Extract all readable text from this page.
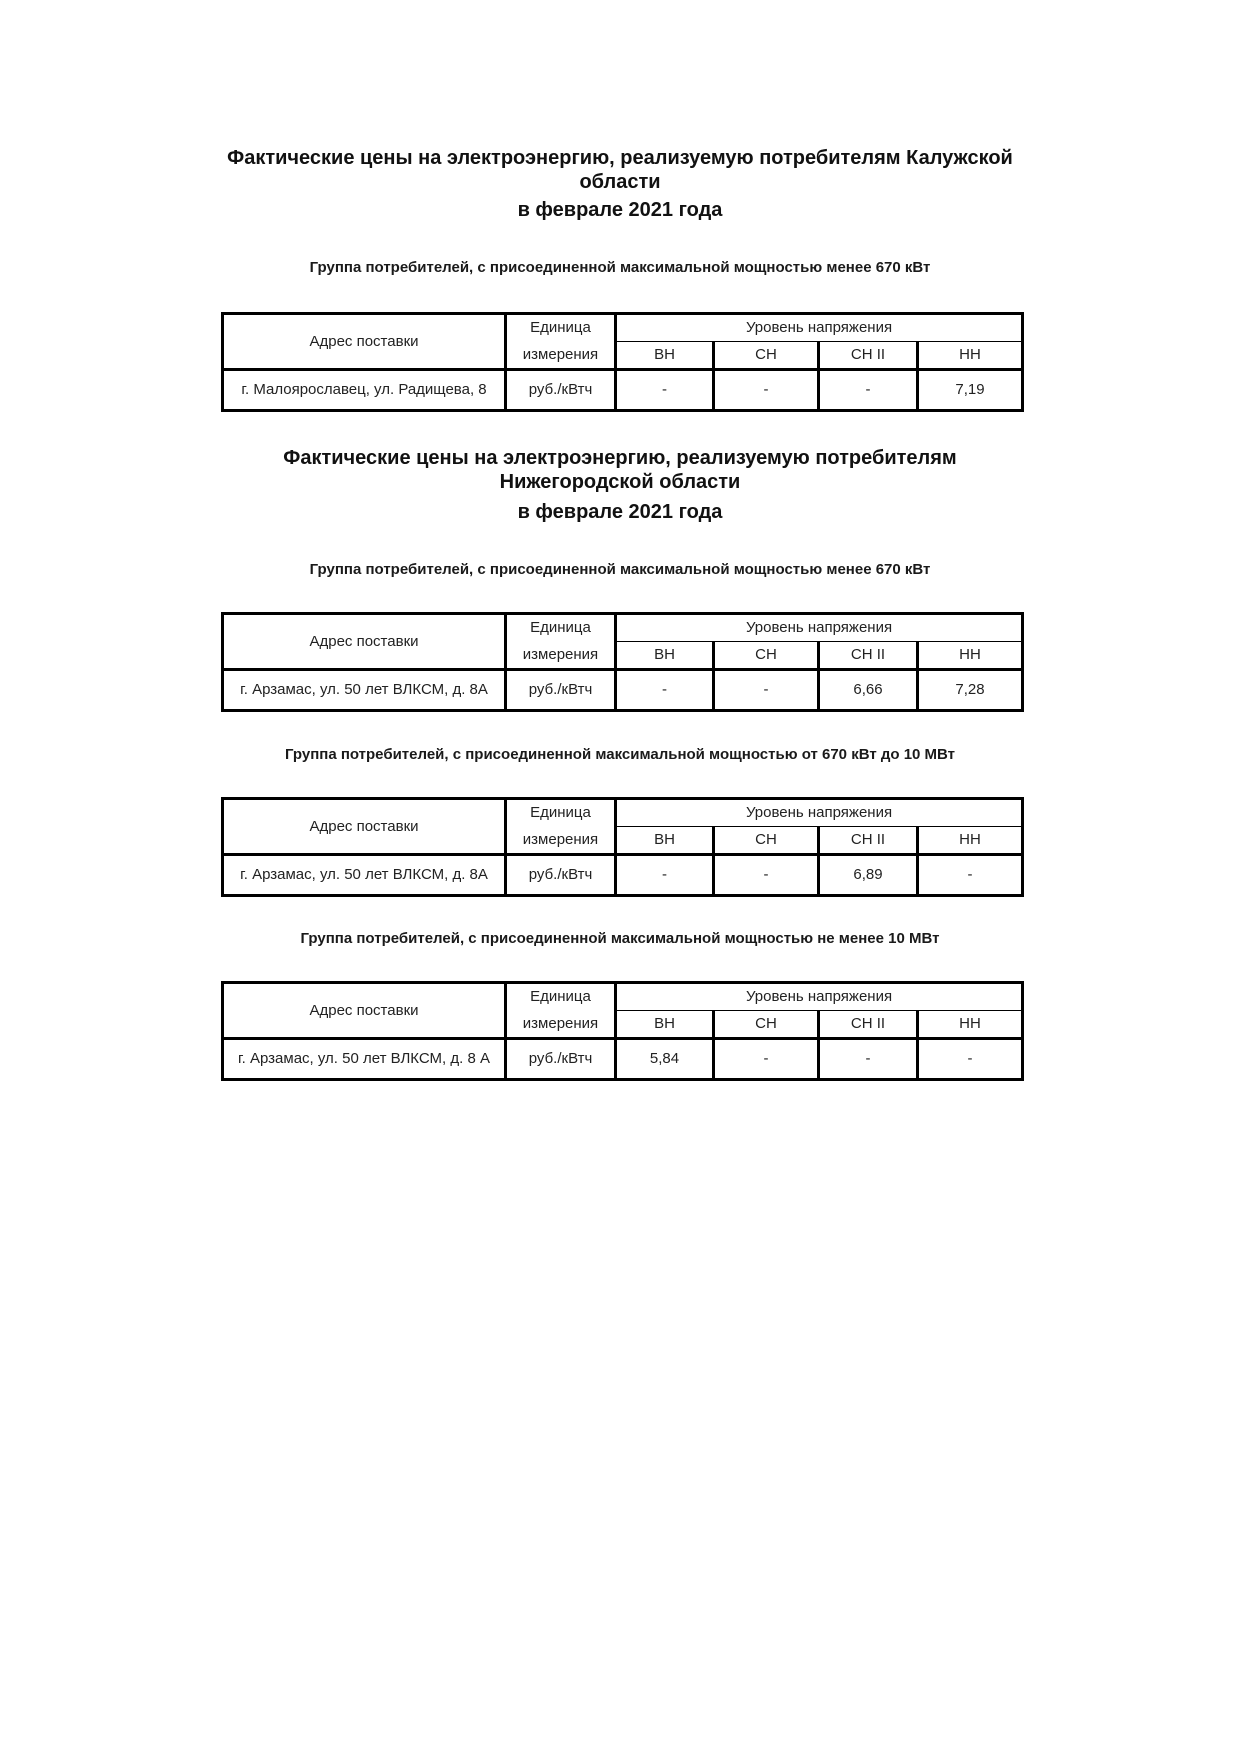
Фактические цены на электроэнергию, реализуемую потребителям Калужской
области
в феврале 2021 года
Группа потребителей, с присоединенной максимальной мощностью менее 670 кВт
Адрес поставки	Единица	Уровень напряжения			
	измерения	ВН	СН	СН II	НН
г. Малоярославец, ул. Радищева, 8	руб./кВтч	-	-	-	7,19
Фактические цены на электроэнергию, реализуемую потребителям
Нижегородской области
в феврале 2021 года
Группа потребителей, с присоединенной максимальной мощностью менее 670 кВт
Адрес поставки	Единица	Уровень напряжения			
	измерения	ВН	СН	СН II	НН
г. Арзамас, ул. 50 лет ВЛКСМ, д. 8А	руб./кВтч	-	-	6,66	7,28
Группа потребителей, с присоединенной максимальной мощностью от 670 кВт до 10 МВт
Адрес поставки	Единица	Уровень напряжения			
	измерения	ВН	СН	СН II	НН
г. Арзамас, ул. 50 лет ВЛКСМ, д. 8А	руб./кВтч	-	-	6,89	-
Группа потребителей, с присоединенной максимальной мощностью не менее 10 МВт
Адрес поставки	Единица	Уровень напряжения			
	измерения	ВН	СН	СН II	НН
г. Арзамас, ул. 50 лет ВЛКСМ, д. 8 А	руб./кВтч	5,84	-	-	-
